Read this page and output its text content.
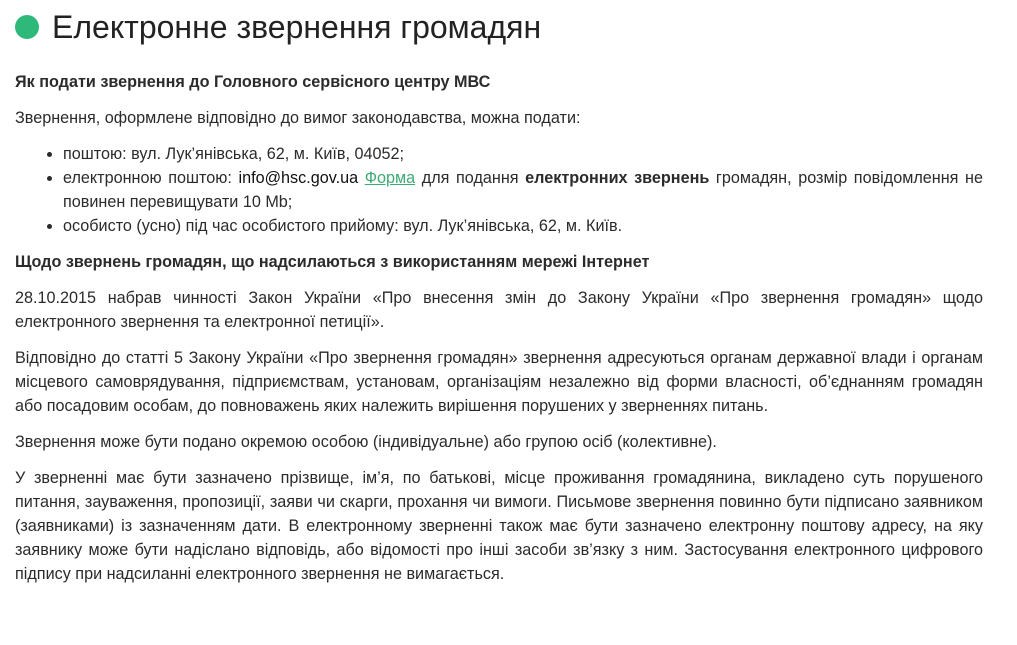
Електронне звернення громадян
Як подати звернення до Головного сервісного центру МВС

Звернення, оформлене відповідно до вимог законодавства, можна подати:

• поштою: вул. Лук’янівська, 62, м. Київ, 04052;
• електронною поштою: info@hsc.gov.ua Форма для подання електронних звернень громадян, розмір повідомлення не повинен перевищувати 10 Mb;
• особисто (усно) під час особистого прийому: вул. Лук’янівська, 62, м. Київ.
Щодо звернень громадян, що надсилаються з використанням мережі Інтернет

28.10.2015 набрав чинності Закон України «Про внесення змін до Закону України «Про звернення громадян» щодо електронного звернення та електронної петиції».

Відповідно до статті 5 Закону України «Про звернення громадян» звернення адресуються органам державної влади і органам місцевого самоврядування, підприємствам, установам, організаціям незалежно від форми власності, об’єднанням громадян або посадовим особам, до повноважень яких належить вирішення порушених у зверненнях питань.

Звернення може бути подано окремою особою (індивідуальне) або групою осіб (колективне).

У зверненні має бути зазначено прізвище, ім’я, по батькові, місце проживання громадянина, викладено суть порушеного питання, зауваження, пропозиції, заяви чи скарги, прохання чи вимоги. Письмове звернення повинно бути підписано заявником (заявниками) із зазначенням дати. В електронному зверненні також має бути зазначено електронну поштову адресу, на яку заявнику може бути надіслано відповідь, або відомості про інші засоби зв’язку з ним. Застосування електронного цифрового підпису при надсиланні електронного звернення не вимагається.
